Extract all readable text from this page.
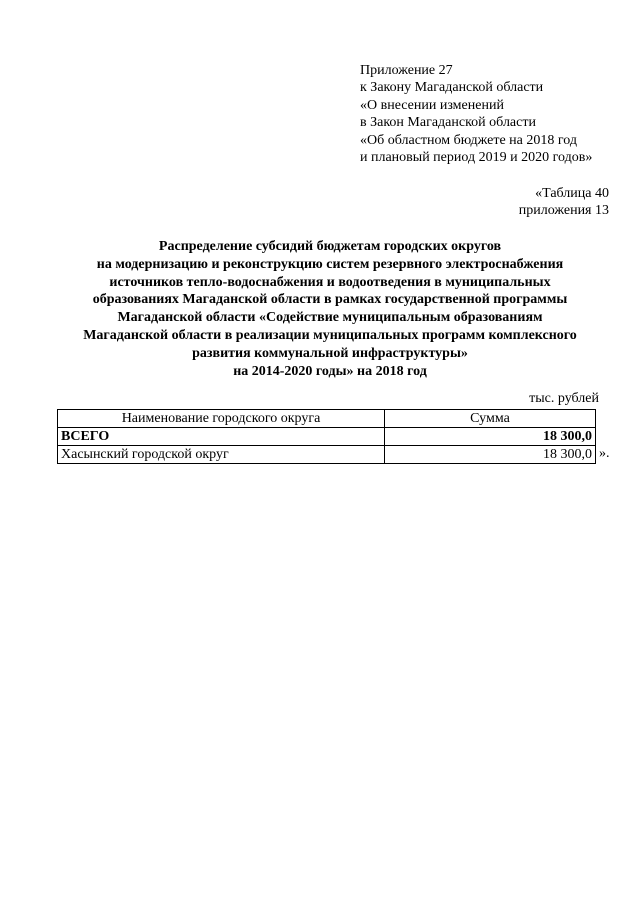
Приложение 27
к Закону Магаданской области
«О внесении изменений
в Закон Магаданской области
«Об областном бюджете на 2018 год
и плановый период 2019 и 2020 годов»
«Таблица 40
приложения 13
Распределение субсидий бюджетам городских округов
на модернизацию и реконструкцию систем резервного электроснабжения
источников тепло-водоснабжения и водоотведения в муниципальных
образованиях Магаданской области в рамках государственной программы
Магаданской области «Содействие муниципальным образованиям
Магаданской области в реализации муниципальных программ комплексного
развития коммунальной инфраструктуры»
на 2014-2020 годы» на 2018 год
тыс. рублей
Наименование городского округа	Сумма
ВСЕГО	18 300,0
Хасынский городской округ	18 300,0 ».
